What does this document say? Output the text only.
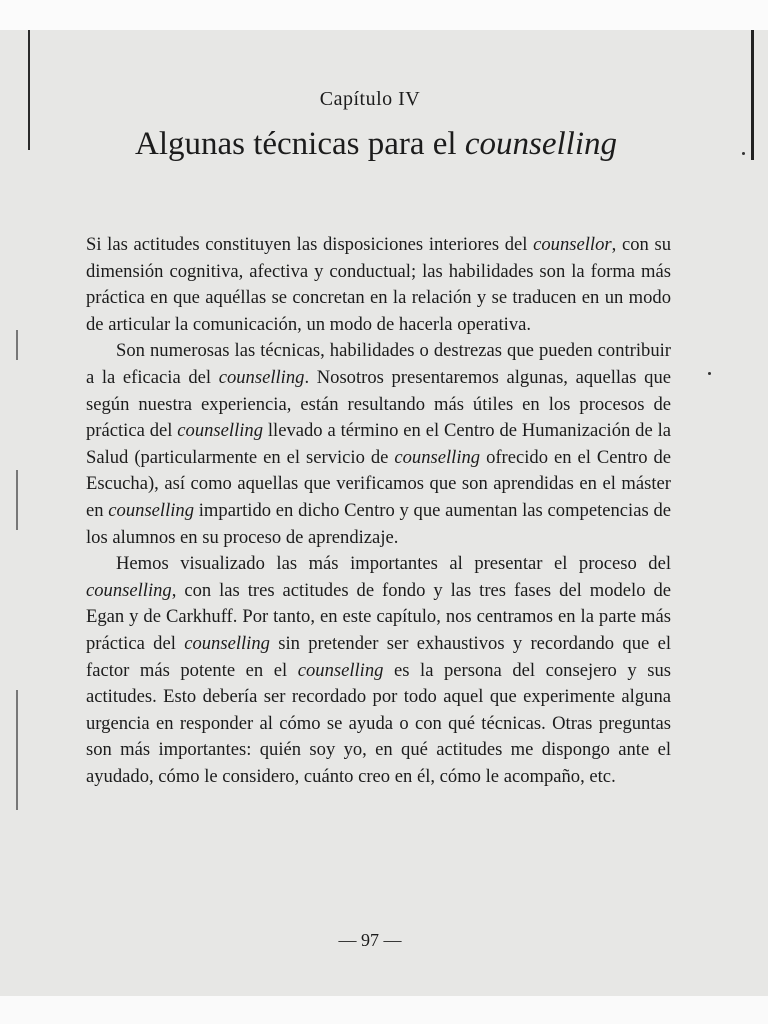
Capítulo IV
Algunas técnicas para el counselling

Si las actitudes constituyen las disposiciones interiores del counsellor, con su dimensión cognitiva, afectiva y conductual; las habilidades son la forma más práctica en que aquéllas se concretan en la relación y se traducen en un modo de articular la comunicación, un modo de hacerla operativa.

Son numerosas las técnicas, habilidades o destrezas que pueden contribuir a la eficacia del counselling. Nosotros presentaremos algunas, aquellas que según nuestra experiencia, están resultando más útiles en los procesos de práctica del counselling llevado a término en el Centro de Humanización de la Salud (particularmente en el servicio de counselling ofrecido en el Centro de Escucha), así como aquellas que verificamos que son aprendidas en el máster en counselling impartido en dicho Centro y que aumentan las competencias de los alumnos en su proceso de aprendizaje.

Hemos visualizado las más importantes al presentar el proceso del counselling, con las tres actitudes de fondo y las tres fases del modelo de Egan y de Carkhuff. Por tanto, en este capítulo, nos centramos en la parte más práctica del counselling sin pretender ser exhaustivos y recordando que el factor más potente en el counselling es la persona del consejero y sus actitudes. Esto debería ser recordado por todo aquel que experimente alguna urgencia en responder al cómo se ayuda o con qué técnicas. Otras preguntas son más importantes: quién soy yo, en qué actitudes me dispongo ante el ayudado, cómo le considero, cuánto creo en él, cómo le acompaño, etc.

— 97 —
